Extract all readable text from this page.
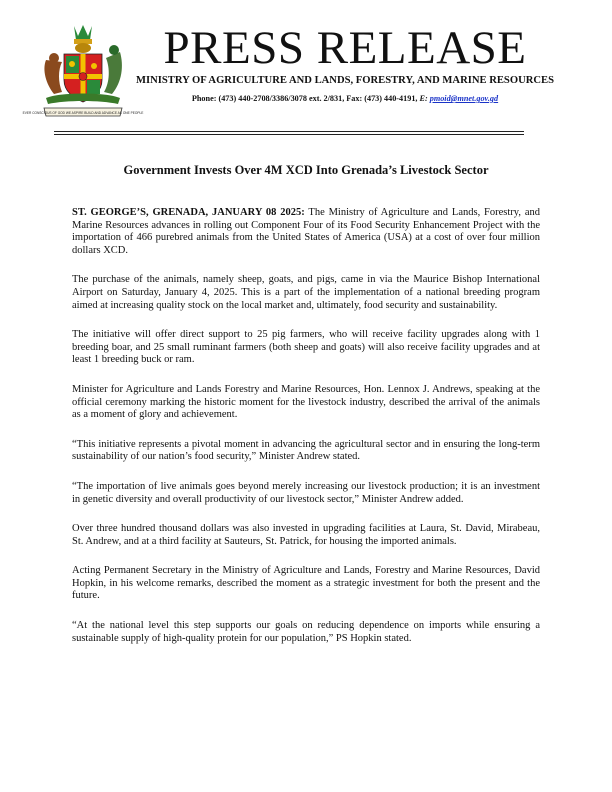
EVER CONSCIOUS OF GOD WE ASPIRE BUILD AND ADVANCE AS ONE PEOPLE
PRESS RELEASE
MINISTRY OF AGRICULTURE AND LANDS, FORESTRY, AND MARINE RESOURCES
Phone: (473) 440-2708/3386/3078 ext. 2/831, Fax: (473) 440-4191, E: pmoid@mnet.gov.gd
Government Invests Over 4M XCD Into Grenada’s Livestock Sector

ST. GEORGE’S, GRENADA, JANUARY 08 2025: The Ministry of Agriculture and Lands, Forestry, and Marine Resources advances in rolling out Component Four of its Food Security Enhancement Project with the importation of 466 purebred animals from the United States of America (USA) at a cost of over four million dollars XCD.

The purchase of the animals, namely sheep, goats, and pigs, came in via the Maurice Bishop International Airport on Saturday, January 4, 2025. This is a part of the implementation of a national breeding program aimed at increasing quality stock on the local market and, ultimately, food security and sustainability.

The initiative will offer direct support to 25 pig farmers, who will receive facility upgrades along with 1 breeding boar, and 25 small ruminant farmers (both sheep and goats) will also receive facility upgrades and at least 1 breeding buck or ram.

Minister for Agriculture and Lands Forestry and Marine Resources, Hon. Lennox J. Andrews, speaking at the official ceremony marking the historic moment for the livestock industry, described the arrival of the animals as a moment of glory and achievement.

“This initiative represents a pivotal moment in advancing the agricultural sector and in ensuring the long-term sustainability of our nation’s food security,” Minister Andrew stated.

“The importation of live animals goes beyond merely increasing our livestock production; it is an investment in genetic diversity and overall productivity of our livestock sector,” Minister Andrew added.

Over three hundred thousand dollars was also invested in upgrading facilities at Laura, St. David, Mirabeau, St. Andrew, and at a third facility at Sauteurs, St. Patrick, for housing the imported animals.

Acting Permanent Secretary in the Ministry of Agriculture and Lands, Forestry and Marine Resources, David Hopkin, in his welcome remarks, described the moment as a strategic investment for both the present and the future.

“At the national level this step supports our goals on reducing dependence on imports while ensuring a sustainable supply of high-quality protein for our population,” PS Hopkin stated.
